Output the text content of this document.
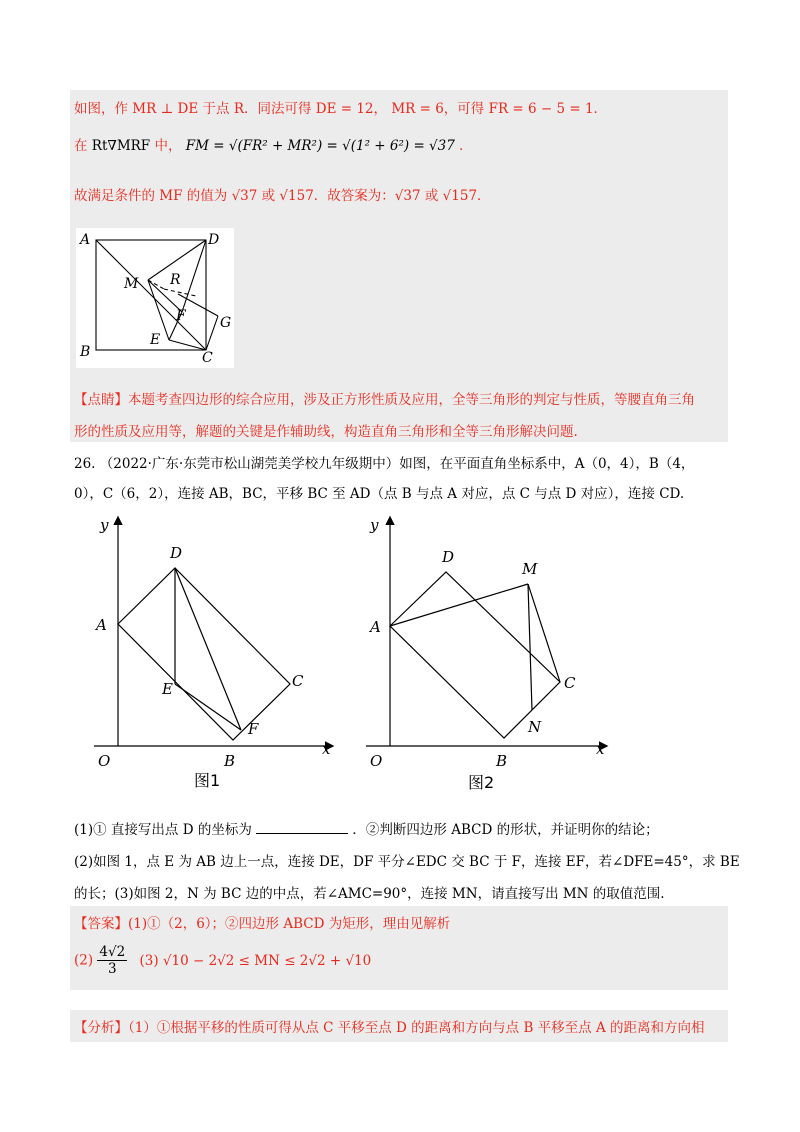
如图，作 MR ⊥ DE 于点 R．同法可得 DE = 12， MR = 6，可得 FR = 6 − 5 = 1．
在 Rt∇MRF 中， FM = √(FR² + MR²) = √(1² + 6²) = √37 ．
故满足条件的 MF 的值为 √37 或 √157．故答案为：√37 或 √157．
A	D
M R
F G
E
B	C
【点睛】本题考查四边形的综合应用，涉及正方形性质及应用，全等三角形的判定与性质，等腰直角三角
形的性质及应用等，解题的关键是作辅助线，构造直角三角形和全等三角形解决问题.
26. （2022·广东·东莞市松山湖莞美学校九年级期中）如图，在平面直角坐标系中，A（0，4），B（4，
0），C（6，2），连接 AB，BC，平移 BC 至 AD（点 B 与点 A 对应，点 C 与点 D 对应），连接 CD.
y
D
A
E	C
F
O	B
x
图1
y
D
M
A
C
N
O	B
x
图2
(1)① 直接写出点 D 的坐标为	．②判断四边形 ABCD 的形状，并证明你的结论；
(2)如图 1，点 E 为 AB 边上一点，连接 DE，DF 平分∠EDC 交 BC 于 F，连接 EF，若∠DFE=45°，求 BE
的长；(3)如图 2，N 为 BC 边的中点，若∠AMC=90°，连接 MN，请直接写出 MN 的取值范围.
【答案】(1)①（2，6）；②四边形 ABCD 为矩形，理由见解析
$(2) \frac{4√2}{3} (3) √10 - 2√2$ ≤ MN ≤ 2√2 + √10
【分析】（1）①根据平移的性质可得从点 C 平移至点 D 的距离和方向与点 B 平移至点 A 的距离和方向相
